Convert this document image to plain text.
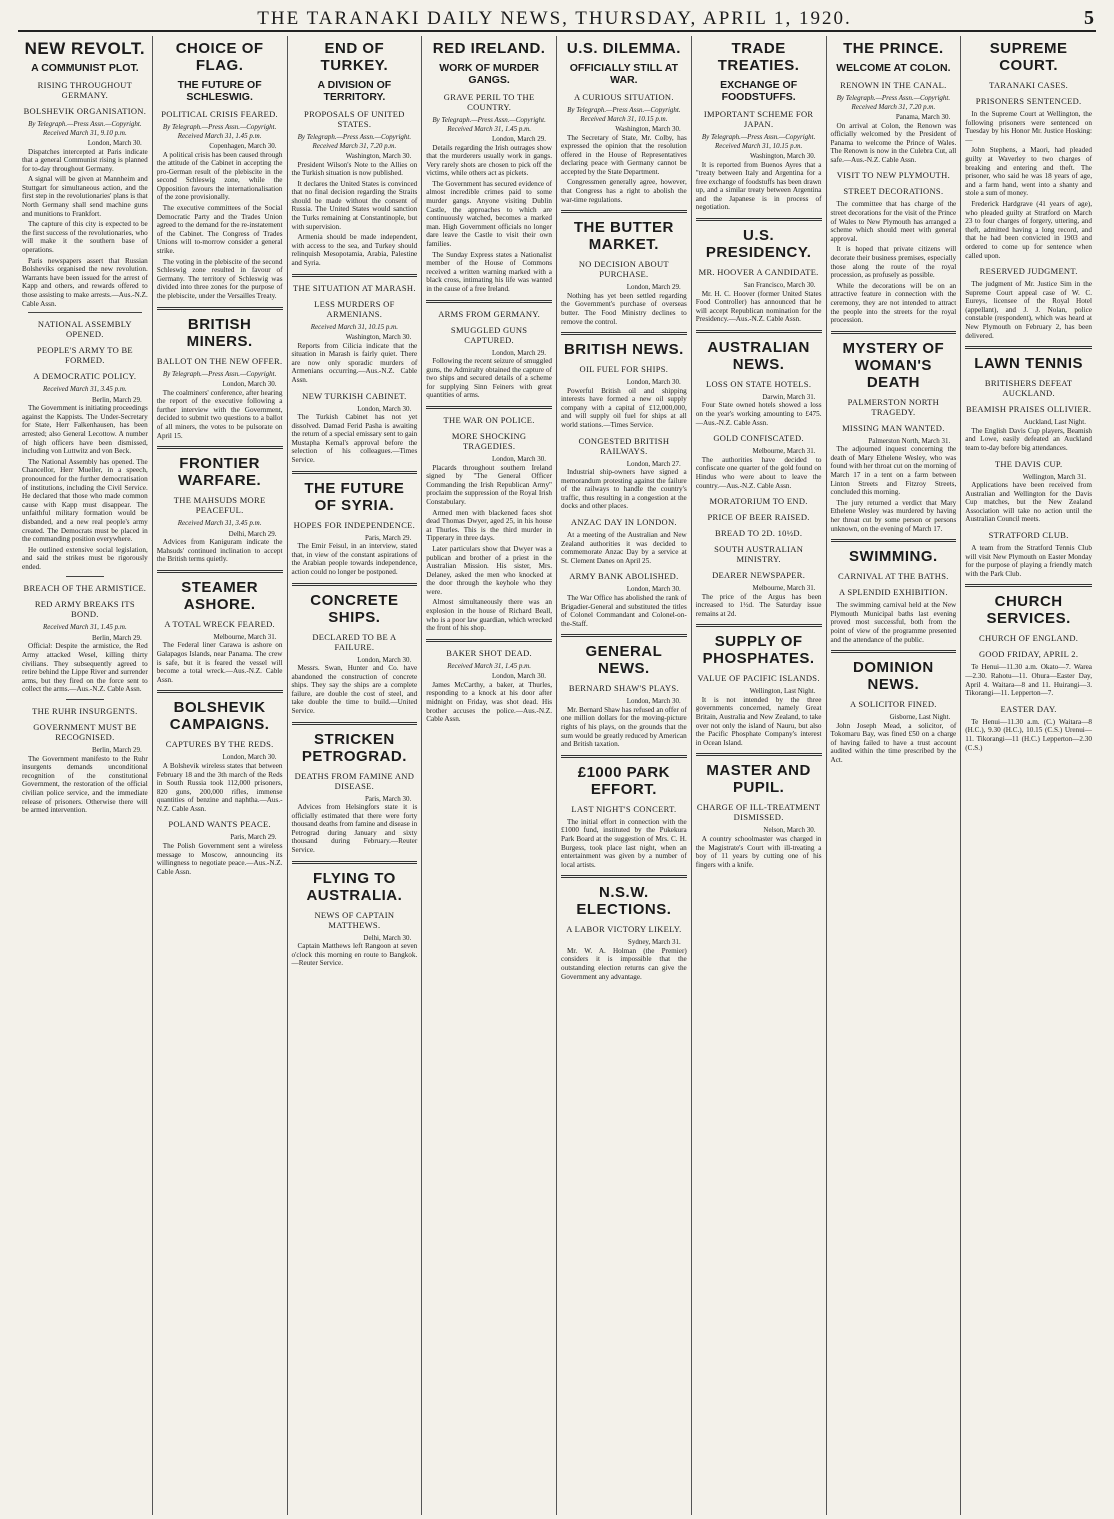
THE TARANAKI DAILY NEWS, THURSDAY, APRIL 1, 1920.	5
NEW REVOLT.
A COMMUNIST PLOT.
RISING THROUGHOUT GERMANY.
BOLSHEVIK ORGANISATION.
By Telegraph.—Press Assn.—Copyright. Received March 31, 9.10 p.m.
London, March 30.

Dispatches intercepted at Paris indicate that a general Communist rising is planned for to-day throughout Germany.

A signal will be given at Mannheim and Stuttgart for simultaneous action, and the first step in the revolutionaries' plans is that North Germany shall send machine guns and munitions to Frankfort.

The capture of this city is expected to be the first success of the revolutionaries, who will make it the southern base of operations.

Paris newspapers assert that Russian Bolsheviks organised the new revolution. Warrants have been issued for the arrest of Kapp and others, and rewards offered to those assisting to make arrests.—Aus.-N.Z. Cable Assn.

NATIONAL ASSEMBLY OPENED.
PEOPLE'S ARMY TO BE FORMED.
A DEMOCRATIC POLICY.
Received March 31, 3.45 p.m.
Berlin, March 29.

The Government is initiating proceedings against the Kappists. The Under-Secretary for State, Herr Falkenhausen, has been arrested; also General Lecottow. A number of high officers have been dismissed, including von Luttwitz and von Beck.

The National Assembly has opened. The Chancellor, Herr Mueller, in a speech, pronounced for the further democratisation of institutions, including the Civil Service. He declared that those who made common cause with Kapp must disappear. The unfaithful military formation would be disbanded, and a new real people's army created. The Democrats must be placed in the commanding position everywhere.

He outlined extensive social legislation, and said the strikes must be rigorously ended.

BREACH OF THE ARMISTICE.
RED ARMY BREAKS ITS BOND.
Received March 31, 1.45 p.m.
Berlin, March 29.

Official: Despite the armistice, the Red Army attacked Wesel, killing thirty civilians. They subsequently agreed to retire behind the Lippe River and surrender arms, but they fired on the force sent to collect the arms.—Aus.-N.Z. Cable Assn.

THE RUHR INSURGENTS.
GOVERNMENT MUST BE RECOGNISED.
Berlin, March 29.

The Government manifesto to the Ruhr insurgents demands unconditional recognition of the constitutional Government, the restoration of the official civilian police service, and the immediate release of prisoners. Otherwise there will be armed intervention.

CHOICE OF FLAG.
THE FUTURE OF SCHLESWIG.
POLITICAL CRISIS FEARED.
By Telegraph.—Press Assn.—Copyright. Received March 31, 1.45 p.m.
Copenhagen, March 30.

A political crisis has been caused through the attitude of the Cabinet in accepting the pro-German result of the plebiscite in the second Schleswig zone, while the Opposition favours the internationalisation of the zone provisionally.

The executive committees of the Social Democratic Party and the Trades Union agreed to the demand for the re-instatement of the Cabinet. The Congress of Trades Unions will to-morrow consider a general strike.

The voting in the plebiscite of the second Schleswig zone resulted in favour of Germany. The territory of Schleswig was divided into three zones for the purpose of the plebiscite, under the Versailles Treaty.

BRITISH MINERS.
BALLOT ON THE NEW OFFER.
By Telegraph.—Press Assn.—Copyright.
London, March 30.

The coalminers' conference, after hearing the report of the executive following a further interview with the Government, decided to submit two questions to a ballot of all miners, the votes to be pulsorate on April 15.

FRONTIER WARFARE.
THE MAHSUDS MORE PEACEFUL.
Received March 31, 3.45 p.m.
Delhi, March 29.

Advices from Kaniguram indicate the Mahsuds' continued inclination to accept the British terms quietly.

STEAMER ASHORE.
A TOTAL WRECK FEARED.
Melbourne, March 31.

The Federal liner Carawa is ashore on Galapagos Islands, near Panama. The crew is safe, but it is feared the vessel will become a total wreck.—Aus.-N.Z. Cable Assn.

BOLSHEVIK CAMPAIGNS.
CAPTURES BY THE REDS.
London, March 30.

A Bolshevik wireless states that between February 18 and the 3th march of the Reds in South Russia took 112,000 prisoners, 820 guns, 200,000 rifles, immense quantities of benzine and naphtha.—Aus.-N.Z. Cable Assn.

POLAND WANTS PEACE.
Paris, March 29.

The Polish Government sent a wireless message to Moscow, announcing its willingness to negotiate peace.—Aus.-N.Z. Cable Assn.

END OF TURKEY.
A DIVISION OF TERRITORY.
PROPOSALS OF UNITED STATES.
By Telegraph.—Press Assn.—Copyright. Received March 31, 7.20 p.m.
Washington, March 30.

President Wilson's Note to the Allies on the Turkish situation is now published.

It declares the United States is convinced that no final decision regarding the Straits should be made without the consent of Russia. The United States would sanction the Turks remaining at Constantinople, but with supervision.

Armenia should be made independent, with access to the sea, and Turkey should relinquish Mesopotamia, Arabia, Palestine and Syria.

THE SITUATION AT MARASH.
LESS MURDERS OF ARMENIANS.
Received March 31, 10.15 p.m.
Washington, March 30.

Reports from Cilicia indicate that the situation in Marash is fairly quiet. There are now only sporadic murders of Armenians occurring.—Aus.-N.Z. Cable Assn.

NEW TURKISH CABINET.
London, March 30.

The Turkish Cabinet has not yet dissolved. Damad Ferid Pasha is awaiting the return of a special emissary sent to gain Mustapha Kemal's approval before the selection of his colleagues.—Times Service.

THE FUTURE OF SYRIA.
HOPES FOR INDEPENDENCE.
Paris, March 29.

The Emir Feisul, in an interview, stated that, in view of the constant aspirations of the Arabian people towards independence, action could no longer be postponed.

CONCRETE SHIPS.
DECLARED TO BE A FAILURE.
London, March 30.

Messrs. Swan, Hunter and Co. have abandoned the construction of concrete ships. They say the ships are a complete failure, are double the cost of steel, and take double the time to build.—United Service.

STRICKEN PETROGRAD.
DEATHS FROM FAMINE AND DISEASE.
Paris, March 30.

Advices from Helsingfors state it is officially estimated that there were forty thousand deaths from famine and disease in Petrograd during January and sixty thousand during February.—Reuter Service.

FLYING TO AUSTRALIA.
NEWS OF CAPTAIN MATTHEWS.
Delhi, March 30.

Captain Matthews left Rangoon at seven o'clock this morning en route to Bangkok.—Reuter Service.

RED IRELAND.
WORK OF MURDER GANGS.
GRAVE PERIL TO THE COUNTRY.
By Telegraph.—Press Assn.—Copyright. Received March 31, 1.45 p.m.
London, March 29.

Details regarding the Irish outrages show that the murderers usually work in gangs. Very rarely shots are chosen to pick off the victims, while others act as pickets.

The Government has secured evidence of almost incredible crimes paid to some murder gangs. Anyone visiting Dublin Castle, the approaches to which are continuously watched, becomes a marked man. High Government officials no longer dare leave the Castle to visit their own families.

The Sunday Express states a Nationalist member of the House of Commons received a written warning marked with a black cross, intimating his life was wanted in the cause of a free Ireland.

ARMS FROM GERMANY.
SMUGGLED GUNS CAPTURED.
London, March 29.

Following the recent seizure of smuggled guns, the Admiralty obtained the capture of two ships and secured details of a scheme for supplying Sinn Feiners with great quantities of arms.

THE WAR ON POLICE.
MORE SHOCKING TRAGEDIES.
London, March 30.

Placards throughout southern Ireland signed by "The General Officer Commanding the Irish Republican Army" proclaim the suppression of the Royal Irish Constabulary.

Armed men with blackened faces shot dead Thomas Dwyer, aged 25, in his house at Thurles. This is the third murder in Tipperary in three days.

Later particulars show that Dwyer was a publican and brother of a priest in the Australian Mission. His sister, Mrs. Delaney, asked the men who knocked at the door through the keyhole who they were.

Almost simultaneously there was an explosion in the house of Richard Beall, who is a poor law guardian, which wrecked the front of his shop.

BAKER SHOT DEAD.
Received March 31, 1.45 p.m.
London, March 30.

James McCarthy, a baker, at Thurles, responding to a knock at his door after midnight on Friday, was shot dead. His brother accuses the police.—Aus.-N.Z. Cable Assn.

U.S. DILEMMA.
OFFICIALLY STILL AT WAR.
A CURIOUS SITUATION.
By Telegraph.—Press Assn.—Copyright. Received March 31, 10.15 p.m.
Washington, March 30.

The Secretary of State, Mr. Colby, has expressed the opinion that the resolution offered in the House of Representatives declaring peace with Germany cannot be accepted by the State Department.

Congressmen generally agree, however, that Congress has a right to abolish the war-time regulations.

THE BUTTER MARKET.
NO DECISION ABOUT PURCHASE.
London, March 29.

Nothing has yet been settled regarding the Government's purchase of overseas butter. The Food Ministry declines to remove the control.

BRITISH NEWS.
OIL FUEL FOR SHIPS.
London, March 30.

Powerful British oil and shipping interests have formed a new oil supply company with a capital of £12,000,000, and will supply oil fuel for ships at all world stations.—Times Service.

CONGESTED BRITISH RAILWAYS.
London, March 27.

Industrial ship-owners have signed a memorandum protesting against the failure of the railways to handle the country's traffic, thus resulting in a congestion at the docks and other places.

ANZAC DAY IN LONDON.

At a meeting of the Australian and New Zealand authorities it was decided to commemorate Anzac Day by a service at St. Clement Danes on April 25.

ARMY BANK ABOLISHED.
London, March 30.

The War Office has abolished the rank of Brigadier-General and substituted the titles of Colonel Commandant and Colonel-on-the-Staff.

GENERAL NEWS.
BERNARD SHAW'S PLAYS.
London, March 30.

Mr. Bernard Shaw has refused an offer of one million dollars for the moving-picture rights of his plays, on the grounds that the sum would be greatly reduced by American and British taxation.

£1000 PARK EFFORT.
LAST NIGHT'S CONCERT.

The initial effort in connection with the £1000 fund, instituted by the Pukekura Park Board at the suggestion of Mrs. C. H. Burgess, took place last night, when an entertainment was given by a number of local artists.

N.S.W. ELECTIONS.
A LABOR VICTORY LIKELY.
Sydney, March 31.

Mr. W. A. Holman (the Premier) considers it is impossible that the outstanding election returns can give the Government any advantage.

TRADE TREATIES.
EXCHANGE OF FOODSTUFFS.
IMPORTANT SCHEME FOR JAPAN.
By Telegraph.—Press Assn.—Copyright. Received March 31, 10.15 p.m.
Washington, March 30.

It is reported from Buenos Ayres that a "treaty between Italy and Argentina for a free exchange of foodstuffs has been drawn up, and a similar treaty between Argentina and the Japanese is in process of negotiation.

U.S. PRESIDENCY.
MR. HOOVER A CANDIDATE.
San Francisco, March 30.

Mr. H. C. Hoover (former United States Food Controller) has announced that he will accept Republican nomination for the Presidency.—Aus.-N.Z. Cable Assn.

AUSTRALIAN NEWS.
LOSS ON STATE HOTELS.
Darwin, March 31.

Four State owned hotels showed a loss on the year's working amounting to £475.—Aus.-N.Z. Cable Assn.

GOLD CONFISCATED.
Melbourne, March 31.

The authorities have decided to confiscate one quarter of the gold found on Hindus who were about to leave the country.—Aus.-N.Z. Cable Assn.

MORATORIUM TO END.
PRICE OF BEER RAISED.
BREAD TO 2D. 10½D.
SOUTH AUSTRALIAN MINISTRY.
DEARER NEWSPAPER.
Melbourne, March 31.

The price of the Argus has been increased to 1½d. The Saturday issue remains at 2d.

SUPPLY OF PHOSPHATES.
VALUE OF PACIFIC ISLANDS.
Wellington, Last Night.

It is not intended by the three governments concerned, namely Great Britain, Australia and New Zealand, to take over not only the island of Nauru, but also the Pacific Phosphate Company's interest in Ocean Island.

MASTER AND PUPIL.
CHARGE OF ILL-TREATMENT DISMISSED.
Nelson, March 30.

A country schoolmaster was charged in the Magistrate's Court with ill-treating a boy of 11 years by cutting one of his fingers with a knife.

THE PRINCE.
WELCOME AT COLON.
RENOWN IN THE CANAL.
By Telegraph.—Press Assn.—Copyright. Received March 31, 7.20 p.m.
Panama, March 30.

On arrival at Colon, the Renown was officially welcomed by the President of Panama to welcome the Prince of Wales. The Renown is now in the Culebra Cut, all safe.—Aus.-N.Z. Cable Assn.

VISIT TO NEW PLYMOUTH.
STREET DECORATIONS.

The committee that has charge of the street decorations for the visit of the Prince of Wales to New Plymouth has arranged a scheme which should meet with general approval.

It is hoped that private citizens will decorate their business premises, especially those along the route of the royal procession, as profusely as possible.

While the decorations will be on an attractive feature in connection with the ceremony, they are not intended to attract the people into the streets for the royal procession.

MYSTERY OF WOMAN'S DEATH
PALMERSTON NORTH TRAGEDY.
MISSING MAN WANTED.
Palmerston North, March 31.

The adjourned inquest concerning the death of Mary Ethelene Wesley, who was found with her throat cut on the morning of March 17 in a tent on a farm between Linton Streets and Fitzroy Streets, concluded this morning.

The jury returned a verdict that Mary Ethelene Wesley was murdered by having her throat cut by some person or persons unknown, on the evening of March 17.

SWIMMING.
CARNIVAL AT THE BATHS.
A SPLENDID EXHIBITION.

The swimming carnival held at the New Plymouth Municipal baths last evening proved most successful, both from the point of view of the programme presented and the attendance of the public.

DOMINION NEWS.
A SOLICITOR FINED.
Gisborne, Last Night.

John Joseph Mead, a solicitor, of Tokomaru Bay, was fined £50 on a charge of having failed to have a trust account audited within the time prescribed by the Act.

SUPREME COURT.
TARANAKI CASES.
PRISONERS SENTENCED.

In the Supreme Court at Wellington, the following prisoners were sentenced on Tuesday by his Honor Mr. Justice Hosking:—

John Stephens, a Maori, had pleaded guilty at Waverley to two charges of breaking and entering and theft. The prisoner, who said he was 18 years of age, and a farm hand, went into a shanty and stole a sum of money.

Frederick Hardgrave (41 years of age), who pleaded guilty at Stratford on March 23 to four charges of forgery, uttering, and theft, admitted having a long record, and that he had been convicted in 1903 and ordered to come up for sentence when called upon.

RESERVED JUDGMENT.

The judgment of Mr. Justice Sim in the Supreme Court appeal case of W. C. Eureys, licensee of the Royal Hotel (appellant), and J. J. Nolan, police constable (respondent), which was heard at New Plymouth on February 2, has been delivered.

LAWN TENNIS
BRITISHERS DEFEAT AUCKLAND.
BEAMISH PRAISES OLLIVIER.
Auckland, Last Night.

The English Davis Cup players, Beamish and Lowe, easily defeated an Auckland team to-day before big attendances.

THE DAVIS CUP.
Wellington, March 31.

Applications have been received from Australian and Wellington for the Davis Cup matches, but the New Zealand Association will take no action until the Australian Council meets.

STRATFORD CLUB.

A team from the Stratford Tennis Club will visit New Plymouth on Easter Monday for the purpose of playing a friendly match with the Park Club.

CHURCH SERVICES.
CHURCH OF ENGLAND.
GOOD FRIDAY, APRIL 2.

Te Henui—11.30 a.m. Okato—7. Warea—2.30. Rahotu—11. Ohura—Easter Day, April 4. Waitara—8 and 11. Huirangi—3. Tikorangi—11. Lepperton—7.

EASTER DAY.

Te Henui—11.30 a.m. (C.) Waitara—8 (H.C.), 9.30 (H.C.), 10.15 (C.S.) Urenui—11. Tikorangi—11 (H.C.) Lepperton—2.30 (C.S.)
